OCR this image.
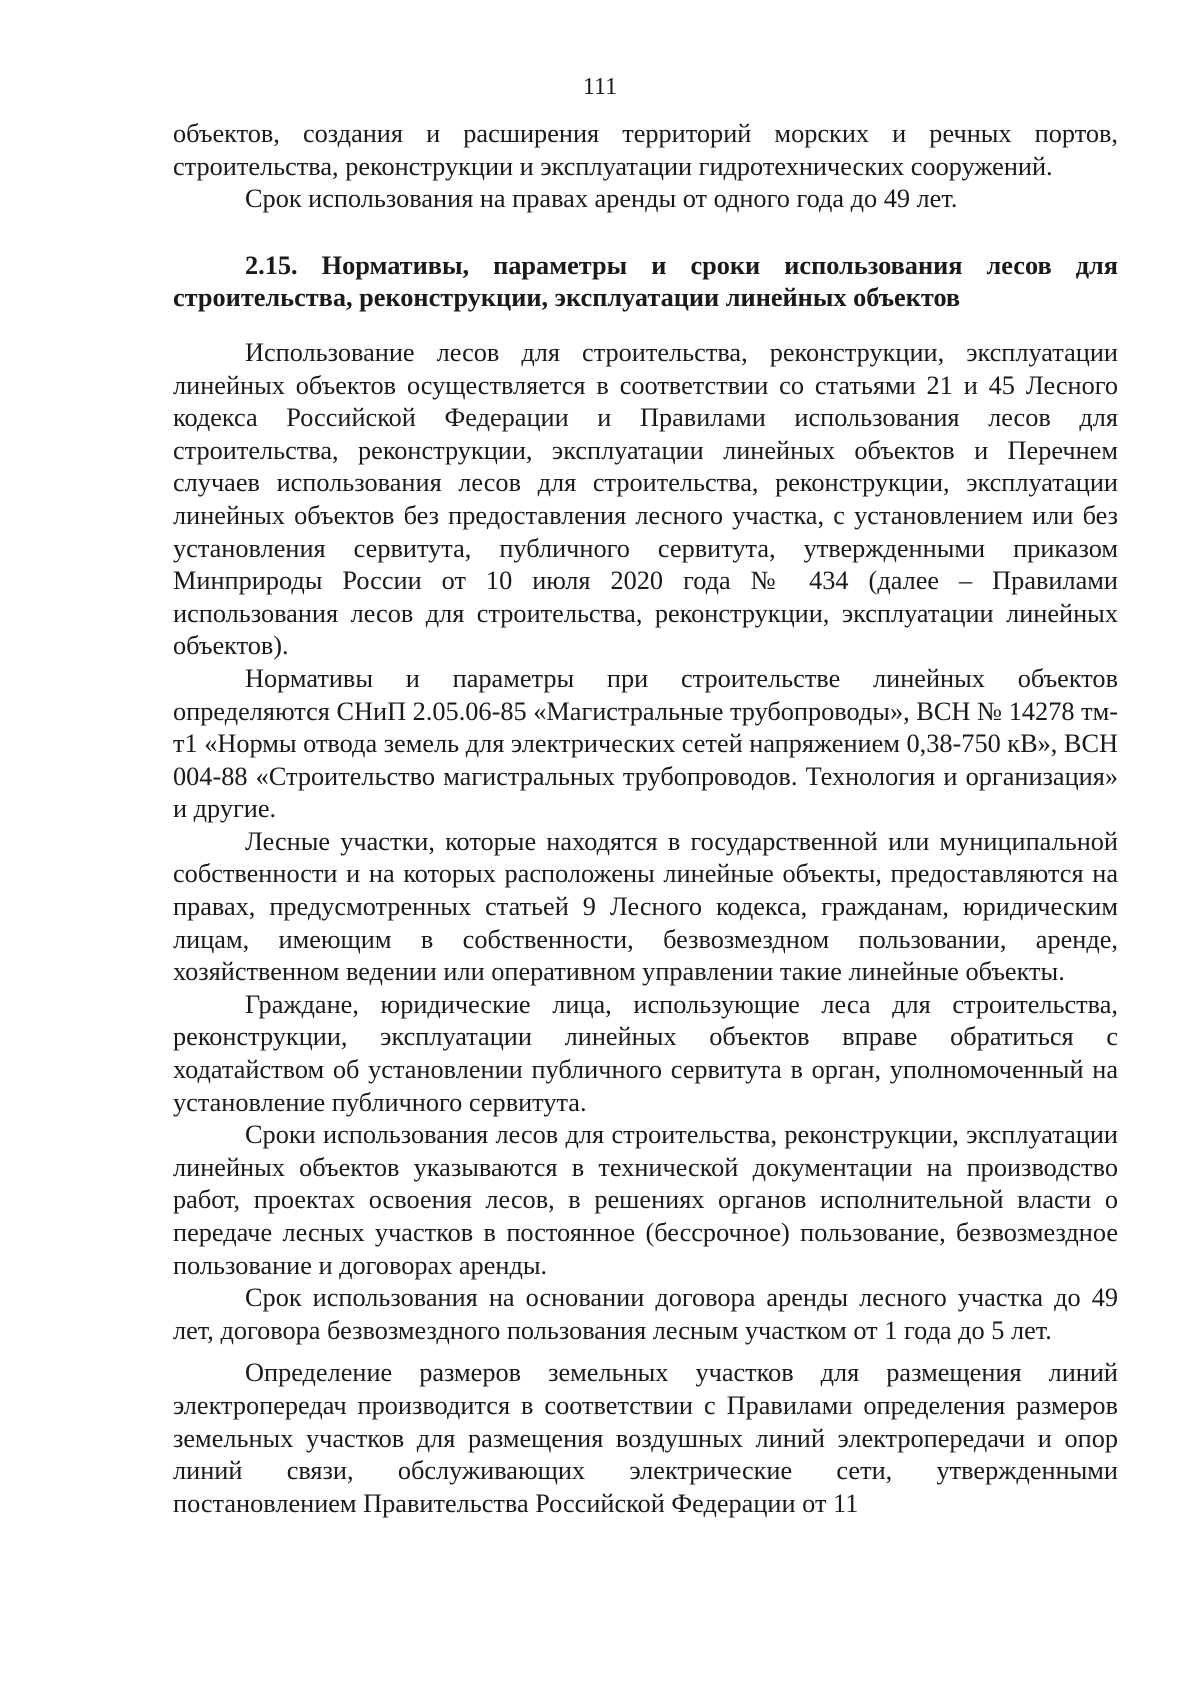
111

объектов, создания и расширения территорий морских и речных портов, строительства, реконструкции и эксплуатации гидротехнических сооружений.

Срок использования на правах аренды от одного года до 49 лет.

2.15. Нормативы, параметры и сроки использования лесов для строительства, реконструкции, эксплуатации линейных объектов

Использование лесов для строительства, реконструкции, эксплуатации линейных объектов осуществляется в соответствии со статьями 21 и 45 Лесного кодекса Российской Федерации и Правилами использования лесов для строительства, реконструкции, эксплуатации линейных объектов и Перечнем случаев использования лесов для строительства, реконструкции, эксплуатации линейных объектов без предоставления лесного участка, с установлением или без установления сервитута, публичного сервитута, утвержденными приказом Минприроды России от 10 июля 2020 года № 434 (далее – Правилами использования лесов для строительства, реконструкции, эксплуатации линейных объектов).

Нормативы и параметры при строительстве линейных объектов определяются СНиП 2.05.06-85 «Магистральные трубопроводы», ВСН № 14278 тм-т1 «Нормы отвода земель для электрических сетей напряжением 0,38-750 кВ», ВСН 004-88 «Строительство магистральных трубопроводов. Технология и организация» и другие.

Лесные участки, которые находятся в государственной или муниципальной собственности и на которых расположены линейные объекты, предоставляются на правах, предусмотренных статьей 9 Лесного кодекса, гражданам, юридическим лицам, имеющим в собственности, безвозмездном пользовании, аренде, хозяйственном ведении или оперативном управлении такие линейные объекты.

Граждане, юридические лица, использующие леса для строительства, реконструкции, эксплуатации линейных объектов вправе обратиться с ходатайством об установлении публичного сервитута в орган, уполномоченный на установление публичного сервитута.

Сроки использования лесов для строительства, реконструкции, эксплуатации линейных объектов указываются в технической документации на производство работ, проектах освоения лесов, в решениях органов исполнительной власти о передаче лесных участков в постоянное (бессрочное) пользование, безвозмездное пользование и договорах аренды.

Срок использования на основании договора аренды лесного участка до 49 лет, договора безвозмездного пользования лесным участком от 1 года до 5 лет.

Определение размеров земельных участков для размещения линий электропередач производится в соответствии с Правилами определения размеров земельных участков для размещения воздушных линий электропередачи и опор линий связи, обслуживающих электрические сети, утвержденными постановлением Правительства Российской Федерации от 11
